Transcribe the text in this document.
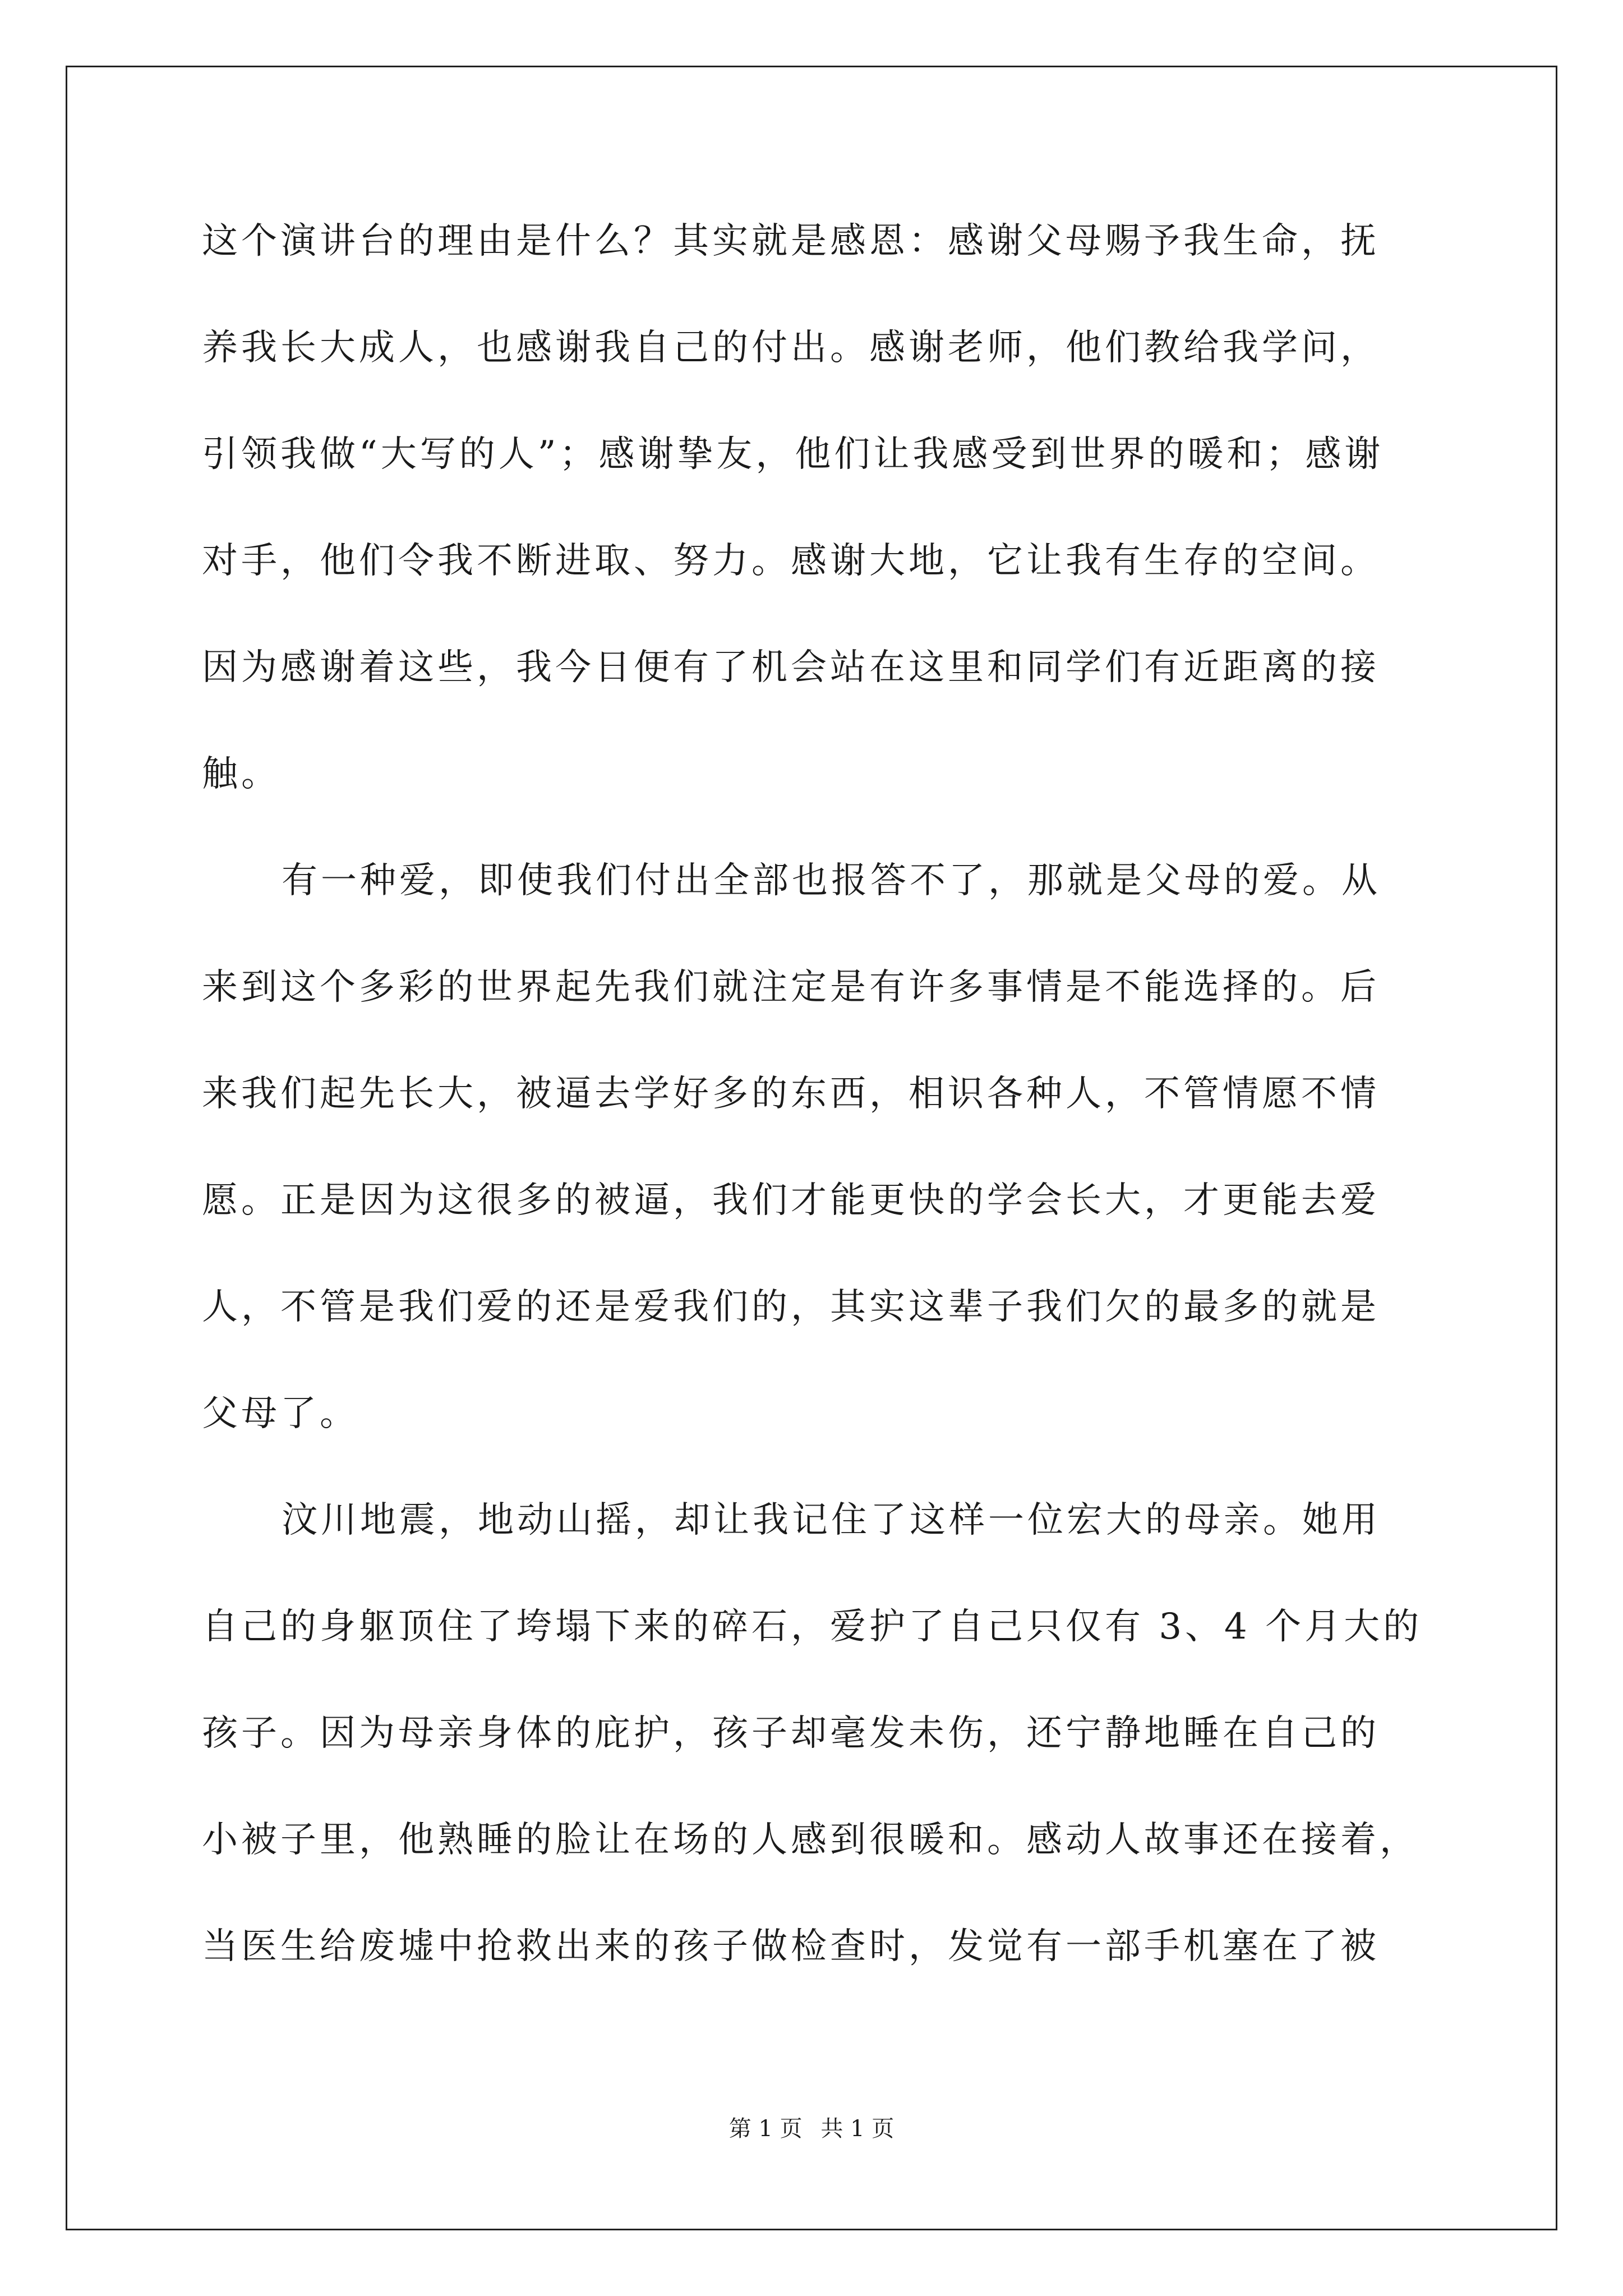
这个演讲台的理由是什么？其实就是感恩：感谢父母赐予我生命，抚
养我长大成人，也感谢我自己的付出。感谢老师，他们教给我学问，
引领我做“大写的人”；感谢挚友，他们让我感受到世界的暖和；感谢
对手，他们令我不断进取、努力。感谢大地，它让我有生存的空间。
因为感谢着这些，我今日便有了机会站在这里和同学们有近距离的接
触。
有一种爱，即使我们付出全部也报答不了，那就是父母的爱。从
来到这个多彩的世界起先我们就注定是有许多事情是不能选择的。后
来我们起先长大，被逼去学好多的东西，相识各种人，不管情愿不情
愿。正是因为这很多的被逼，我们才能更快的学会长大，才更能去爱
人，不管是我们爱的还是爱我们的，其实这辈子我们欠的最多的就是
父母了。
汶川地震，地动山摇，却让我记住了这样一位宏大的母亲。她用
自己的身躯顶住了垮塌下来的碎石，爱护了自己只仅有 3、4 个月大的
孩子。因为母亲身体的庇护，孩子却毫发未伤，还宁静地睡在自己的
小被子里，他熟睡的脸让在场的人感到很暖和。感动人故事还在接着，
当医生给废墟中抢救出来的孩子做检查时，发觉有一部手机塞在了被
第 1 页 共 1 页
